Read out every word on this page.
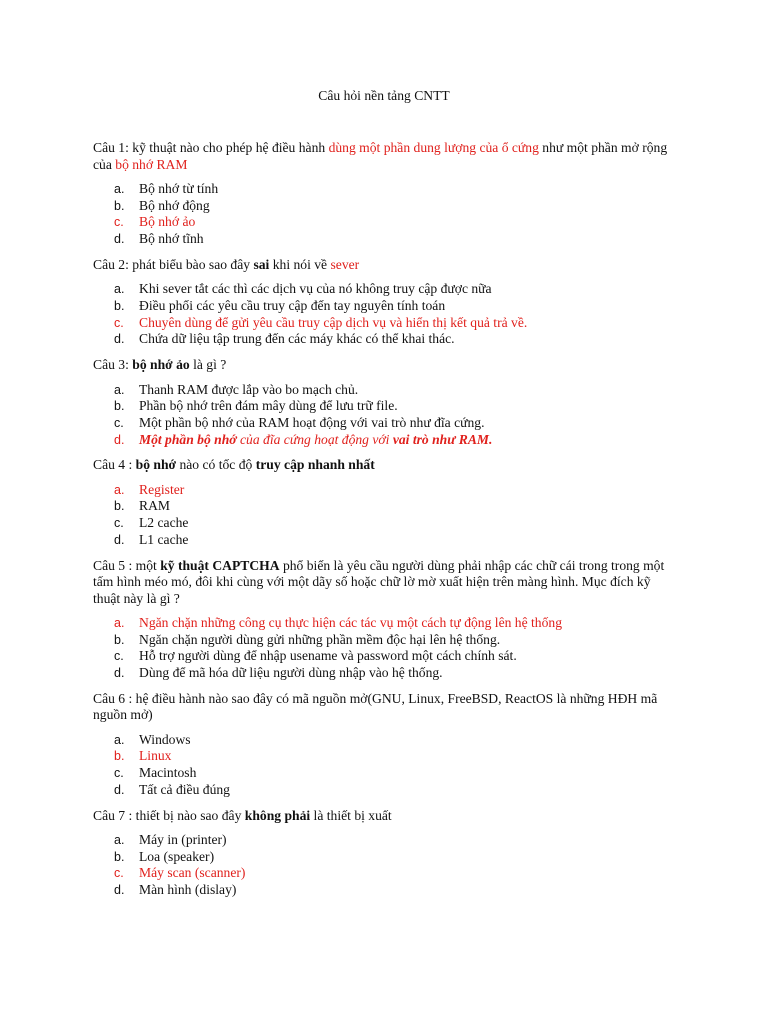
Câu hỏi nền tảng CNTT

Câu 1: kỹ thuật nào cho phép hệ điều hành dùng một phần dung lượng của ổ cứng như một phần mở rộng của bộ nhớ RAM

a. Bộ nhớ từ tính
b. Bộ nhớ động
c. Bộ nhớ ảo
d. Bộ nhớ tĩnh

Câu 2: phát biểu bào sao đây sai khi nói về sever

a. Khi sever tắt các thì các dịch vụ của nó không truy cập được nữa
b. Điều phối các yêu cầu truy cập đến tay nguyên tính toán
c. Chuyên dùng để gửi yêu cầu truy cập dịch vụ và hiển thị kết quả trả về.
d. Chứa dữ liệu tập trung đến các máy khác có thể khai thác.

Câu 3: bộ nhớ ảo là gì ?

a. Thanh RAM được lắp vào bo mạch chủ.
b. Phần bộ nhớ trên đám mây dùng để lưu trữ file.
c. Một phần bộ nhớ của RAM hoạt động với vai trò như đĩa cứng.
d. Một phần bộ nhớ của đĩa cứng hoạt động với vai trò như RAM.

Câu 4 : bộ nhớ nào có tốc độ truy cập nhanh nhất

a. Register
b. RAM
c. L2 cache
d. L1 cache

Câu 5 : một kỹ thuật CAPTCHA phổ biến là yêu cầu người dùng phải nhập các chữ cái trong trong một tấm hình méo mó, đôi khi cùng với một dãy số hoặc chữ lờ mờ xuất hiện trên màng hình. Mục đích kỹ thuật này là gì ?

a. Ngăn chặn những công cụ thực hiện các tác vụ một cách tự động lên hệ thống
b. Ngăn chặn người dùng gửi những phần mềm độc hại lên hệ thống.
c. Hỗ trợ người dùng để nhập usename và password một cách chính sát.
d. Dùng để mã hóa dữ liệu người dùng nhập vào hệ thống.

Câu 6 : hệ điều hành nào sao đây có mã nguồn mở(GNU, Linux, FreeBSD, ReactOS là những HĐH mã nguồn mở)

a. Windows
b. Linux
c. Macintosh
d. Tất cả điều đúng

Câu 7 : thiết bị nào sao đây không phải là thiết bị xuất

a. Máy in (printer)
b. Loa (speaker)
c. Máy scan (scanner)
d. Màn hình (dislay)
